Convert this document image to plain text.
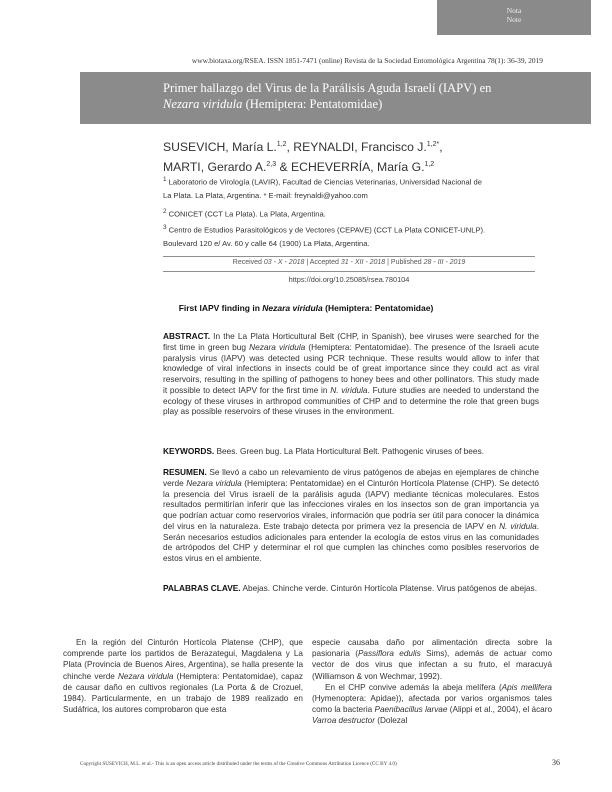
Nota
Note
www.biotaxa.org/RSEA. ISSN 1851-7471 (online) Revista de la Sociedad Entomológica Argentina 78(1): 36-39, 2019
Primer hallazgo del Virus de la Parálisis Aguda Israelí (IAPV) en
Nezara viridula (Hemiptera: Pentatomidae)
SUSEVICH, María L.$^{1,2}$, REYNALDI, Francisco J.$^{1,2*}$,
MARTI, Gerardo A.$^{2,3}$ & ECHEVERRÍA, María G.$^{1,2}$

$^1$ Laboratorio de Virología (LAVIR), Facultad de Ciencias Veterinarias, Universidad Nacional de

La Plata. La Plata, Argentina. * E-mail: freynaldi@yahoo.com

$^2$ CONICET (CCT La Plata). La Plata, Argentina.

$^3$ Centro de Estudios Parasitológicos y de Vectores (CEPAVE) (CCT La Plata CONICET-UNLP).

Boulevard 120 e/ Av. 60 y calle 64 (1900) La Plata, Argentina.

Received 03 - X - 2018 | Accepted 31 - XII - 2018 | Published 28 - III - 2019
https://doi.org/10.25085/rsea.780104
First IAPV finding in Nezara viridula (Hemiptera: Pentatomidae)

ABSTRACT. In the La Plata Horticultural Belt (CHP, in Spanish), bee viruses were searched for the first time in green bug Nezara viridula (Hemiptera: Pentatomidae). The presence of the Israeli acute paralysis virus (IAPV) was detected using PCR technique. These results would allow to infer that knowledge of viral infections in insects could be of great importance since they could act as viral reservoirs, resulting in the spilling of pathogens to honey bees and other pollinators. This study made it possible to detect IAPV for the first time in N. viridula. Future studies are needed to understand the ecology of these viruses in arthropod communities of CHP and to determine the role that green bugs play as possible reservoirs of these viruses in the environment.

KEYWORDS. Bees. Green bug. La Plata Horticultural Belt. Pathogenic viruses of bees.

RESUMEN. Se llevó a cabo un relevamiento de virus patógenos de abejas en ejemplares de chinche verde Nezara viridula (Hemiptera: Pentatomidae) en el Cinturón Hortícola Platense (CHP). Se detectó la presencia del Virus israelí de la parálisis aguda (IAPV) mediante técnicas moleculares. Estos resultados permitirían inferir que las infecciones virales en los insectos son de gran importancia ya que podrían actuar como reservorios virales, información que podría ser útil para conocer la dinámica del virus en la naturaleza. Este trabajo detecta por primera vez la presencia de IAPV en N. viridula. Serán necesarios estudios adicionales para entender la ecología de estos virus en las comunidades de artrópodos del CHP y determinar el rol que cumplen las chinches como posibles reservorios de estos virus en el ambiente.

PALABRAS CLAVE. Abejas. Chinche verde. Cinturón Hortícola Platense. Virus patógenos de abejas.

En la región del Cinturón Hortícola Platense (CHP), que comprende parte los partidos de Berazategui, Magdalena y La Plata (Provincia de Buenos Aires, Argentina), se halla presente la chinche verde Nezara viridula (Hemiptera: Pentatomidae), capaz de causar daño en cultivos regionales (La Porta & de Crozuel, 1984). Particularmente, en un trabajo de 1989 realizado en Sudáfrica, los autores comprobaron que esta

especie causaba daño por alimentación directa sobre la pasionaria (Passiflora edulis Sims), además de actuar como vector de dos virus que infectan a su fruto, el maracuyá (Williamson & von Wechmar, 1992).

En el CHP convive además la abeja melífera (Apis mellifera (Hymenoptera: Apidae)), afectada por varios organismos tales como la bacteria Paenibacillus larvae (Alippi et al., 2004), el ácaro Varroa destructor (Dolezal

Copyright SUSEVICH, M.L. et al.- This is an open access article distributed under the terms of the Creative Commons Attribution Licence (CC BY 4.0)	36
